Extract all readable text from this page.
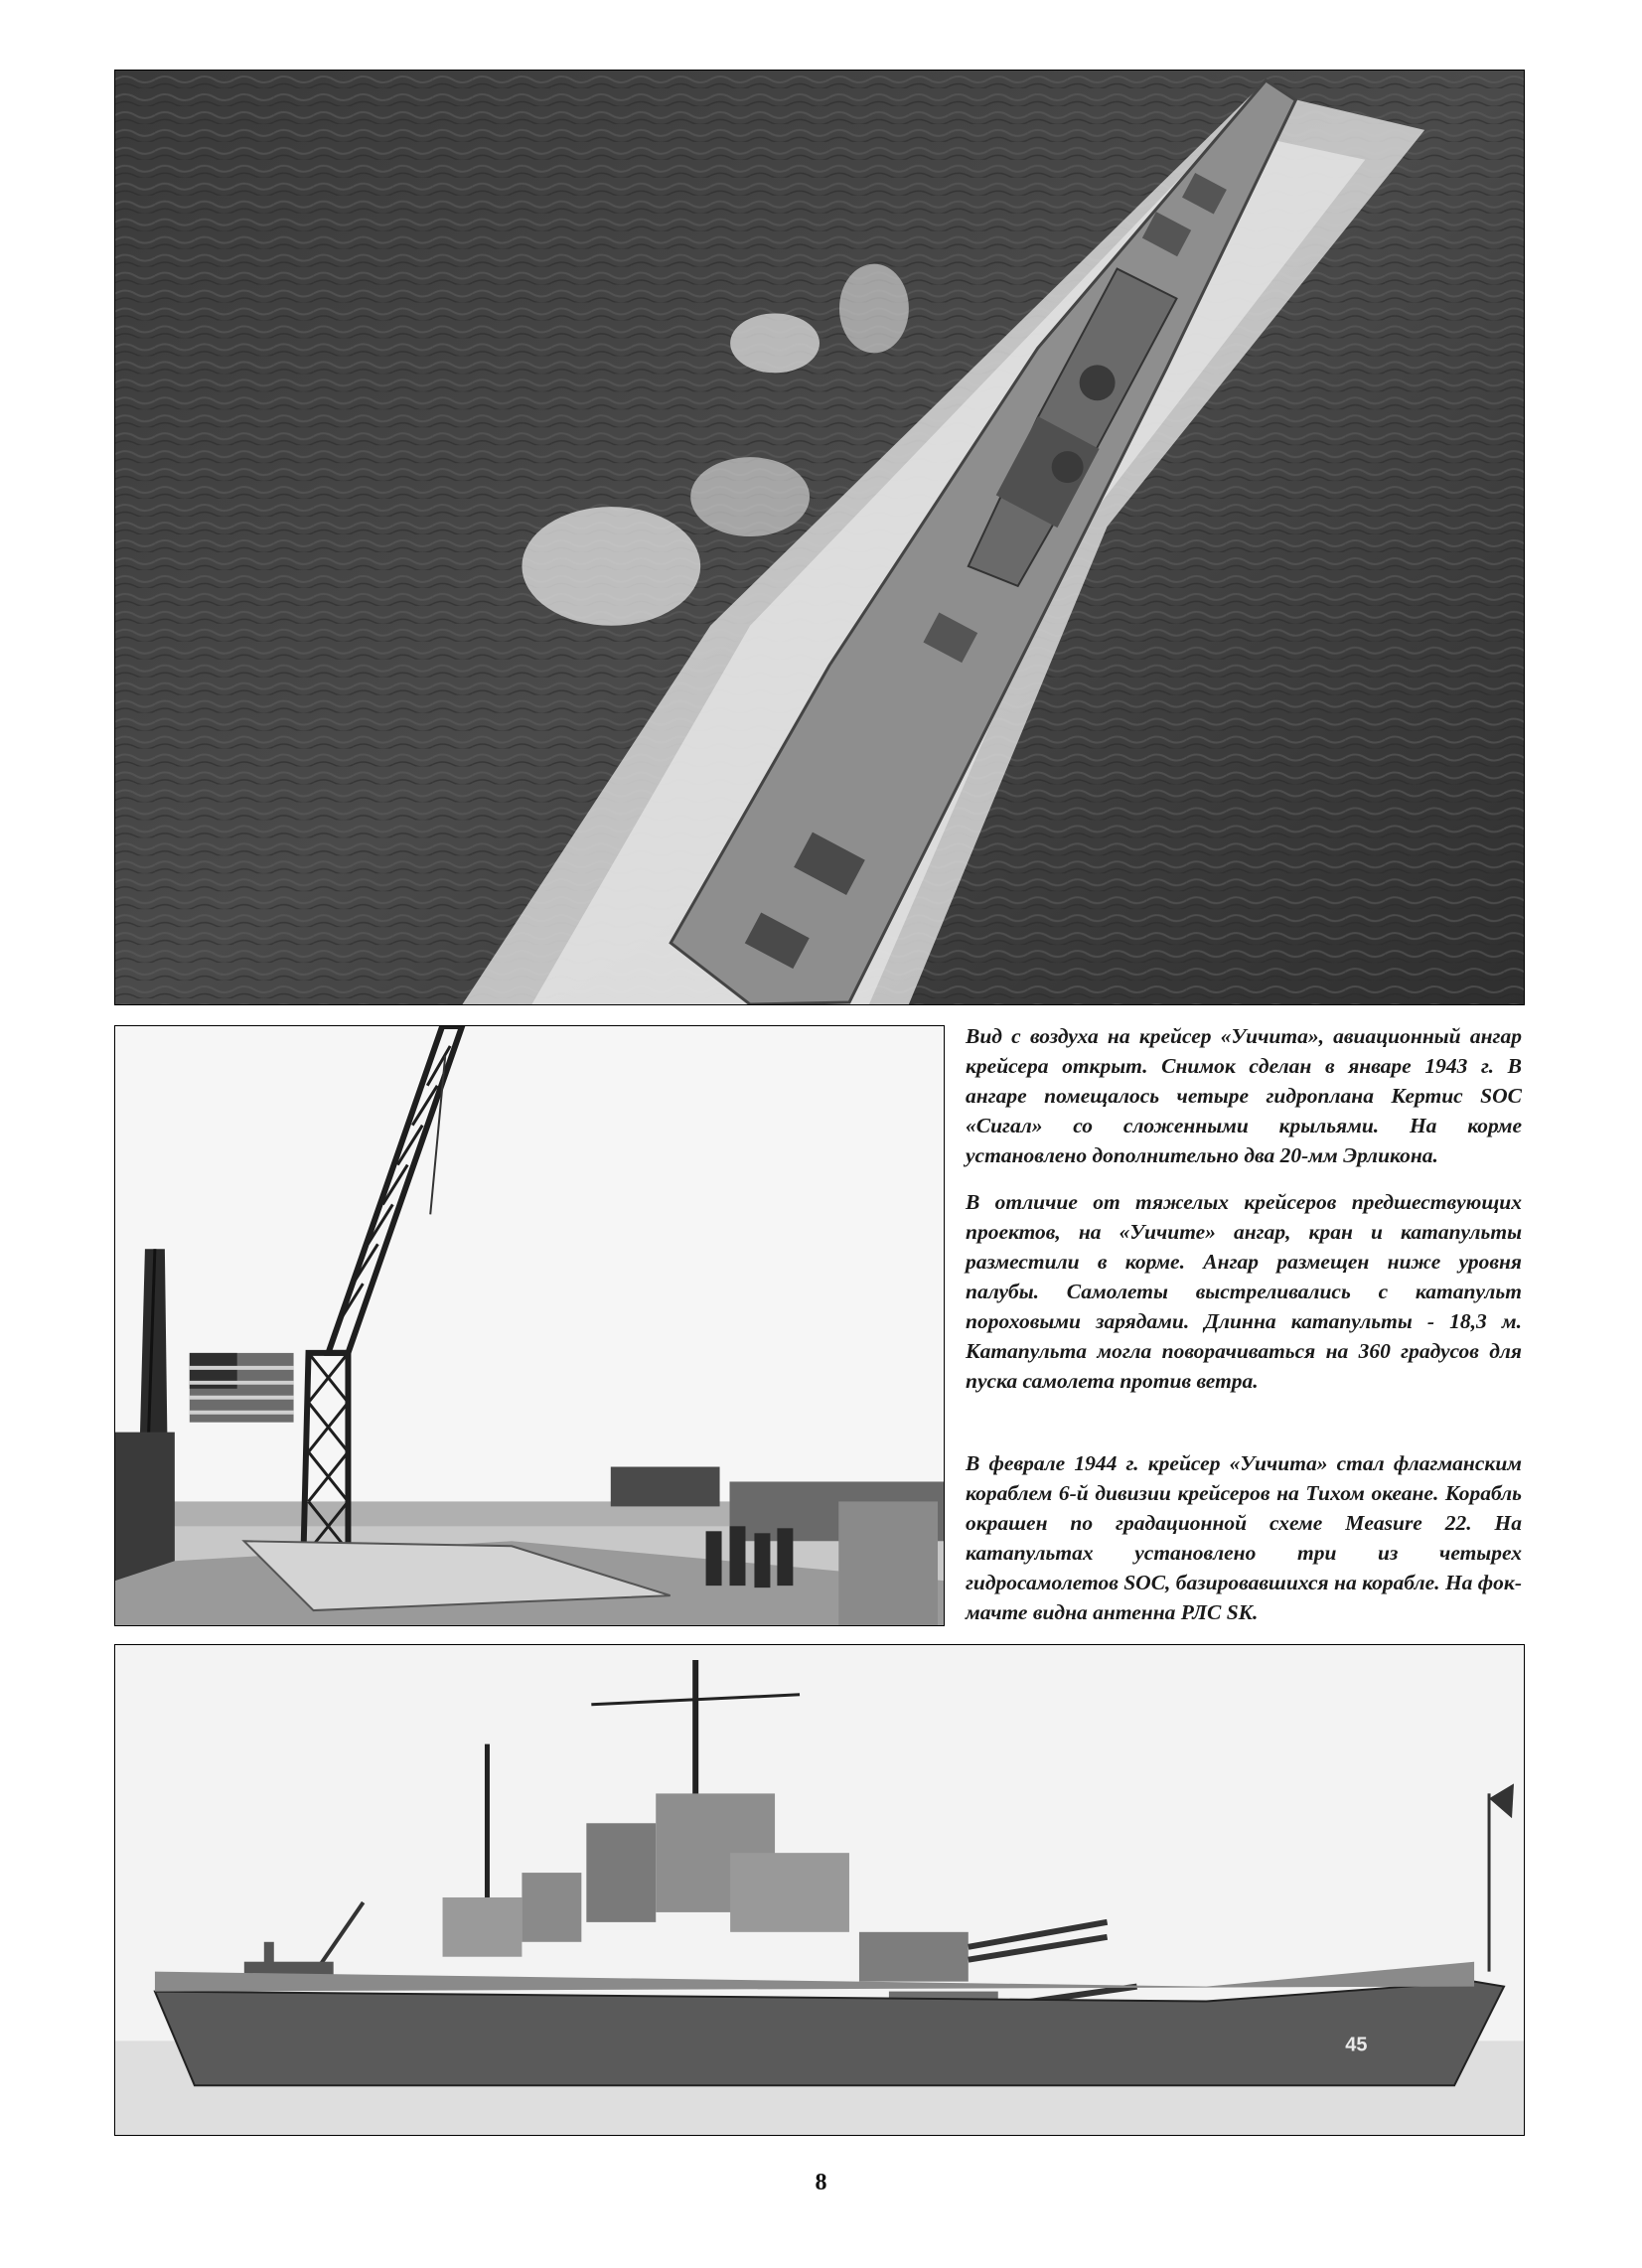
Вид с воздуха на крейсер «Уичита», авиационный ангар крейсера открыт. Снимок сделан в январе 1943 г. В ангаре помещалось четыре гидроплана Кертис SOC «Сигал» со сложенными крыльями. На корме установлено дополнительно два 20-мм Эрликона.

В отличие от тяжелых крейсеров предшествующих проектов, на «Уичите» ангар, кран и катапульты разместили в корме. Ангар размещен ниже уровня палубы. Самолеты выстреливались с катапульт пороховыми зарядами. Длинна катапульты - 18,3 м. Катапульта могла поворачиваться на 360 градусов для пуска самолета против ветра.

В феврале 1944 г. крейсер «Уичита» стал флагманским кораблем 6-й дивизии крейсеров на Тихом океане. Корабль окрашен по градационной схеме Measure 22. На катапультах установлено три из четырех гидросамолетов SOC, базировавшихся на корабле. На фок-мачте видна антенна РЛС SK.

45

8
